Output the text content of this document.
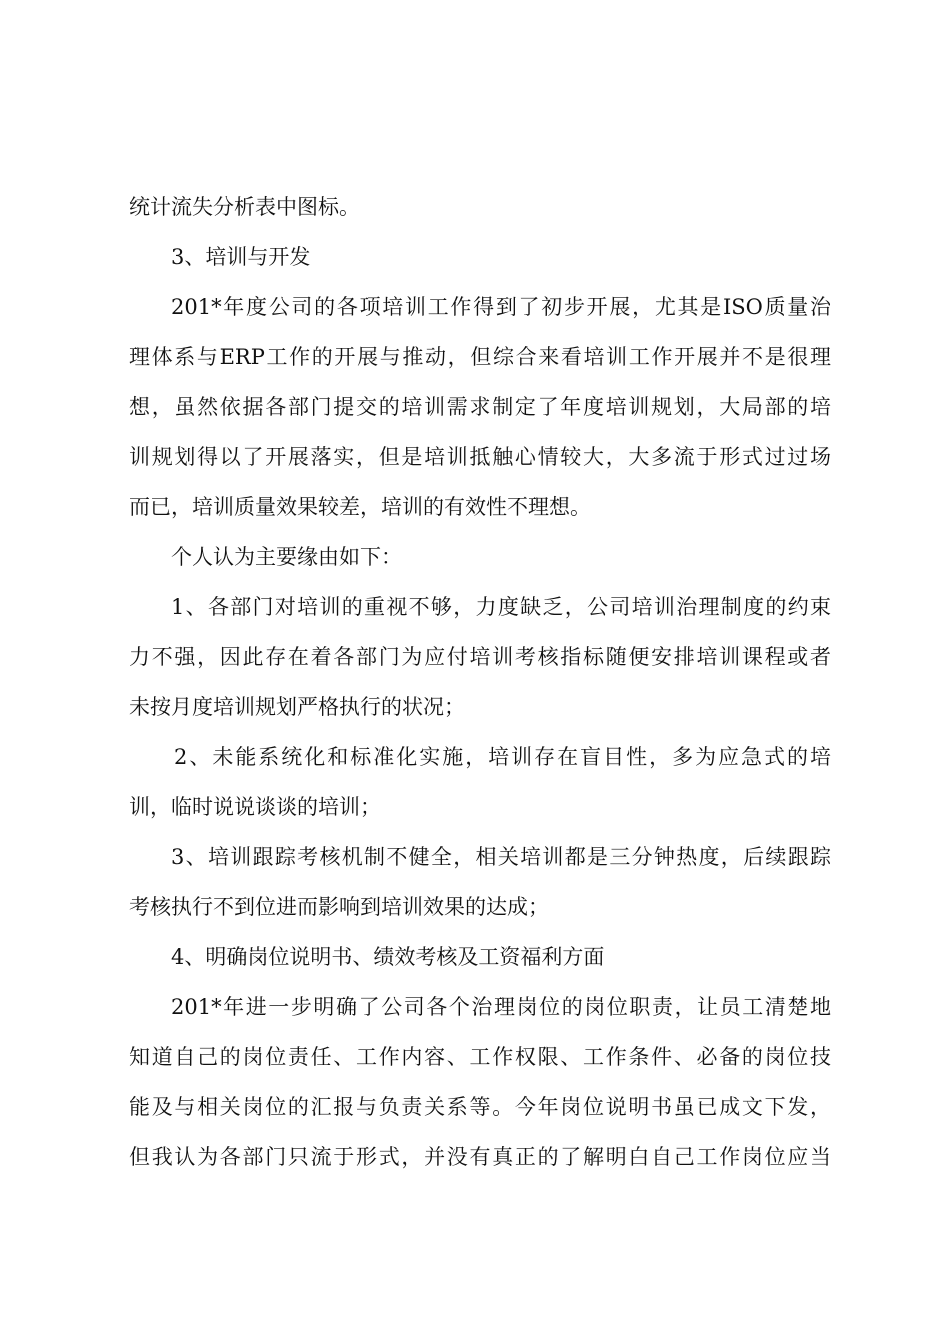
统计流失分析表中图标。
3、培训与开发
201*年度公司的各项培训工作得到了初步开展，尤其是ISO质量治
理体系与ERP工作的开展与推动，但综合来看培训工作开展并不是很理
想，虽然依据各部门提交的培训需求制定了年度培训规划，大局部的培
训规划得以了开展落实，但是培训抵触心情较大，大多流于形式过过场
而已，培训质量效果较差，培训的有效性不理想。
个人认为主要缘由如下：
1、各部门对培训的重视不够，力度缺乏，公司培训治理制度的约束
力不强，因此存在着各部门为应付培训考核指标随便安排培训课程或者
未按月度培训规划严格执行的状况；
2、未能系统化和标准化实施，培训存在盲目性，多为应急式的培
训，临时说说谈谈的培训；
3、培训跟踪考核机制不健全，相关培训都是三分钟热度，后续跟踪
考核执行不到位进而影响到培训效果的达成；
4、明确岗位说明书、绩效考核及工资福利方面
201*年进一步明确了公司各个治理岗位的岗位职责，让员工清楚地
知道自己的岗位责任、工作内容、工作权限、工作条件、必备的岗位技
能及与相关岗位的汇报与负责关系等。今年岗位说明书虽已成文下发，
但我认为各部门只流于形式，并没有真正的了解明白自己工作岗位应当
